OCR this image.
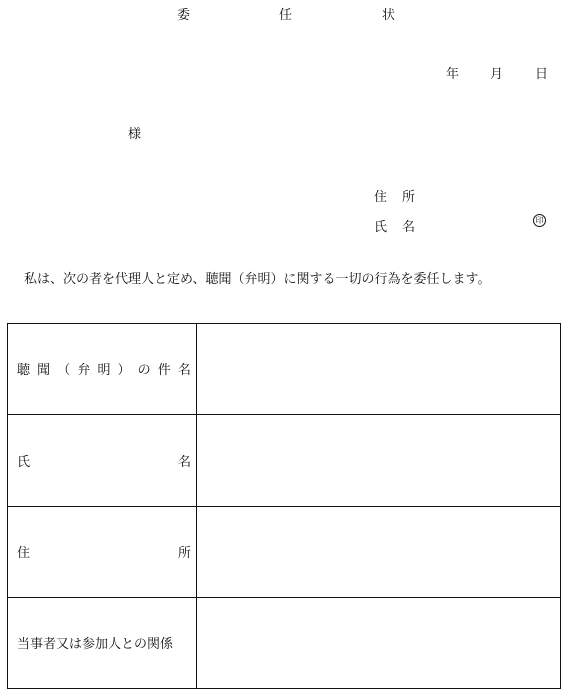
委	任	状
年 月 日
様
住 所
氏 名	印
私は、次の者を代理人と定め、聴聞（弁明）に関する一切の行為を委任します。
聴 聞 （ 弁 明 ） の 件 名
氏	名
住	所
当事者又は参加人との関係
